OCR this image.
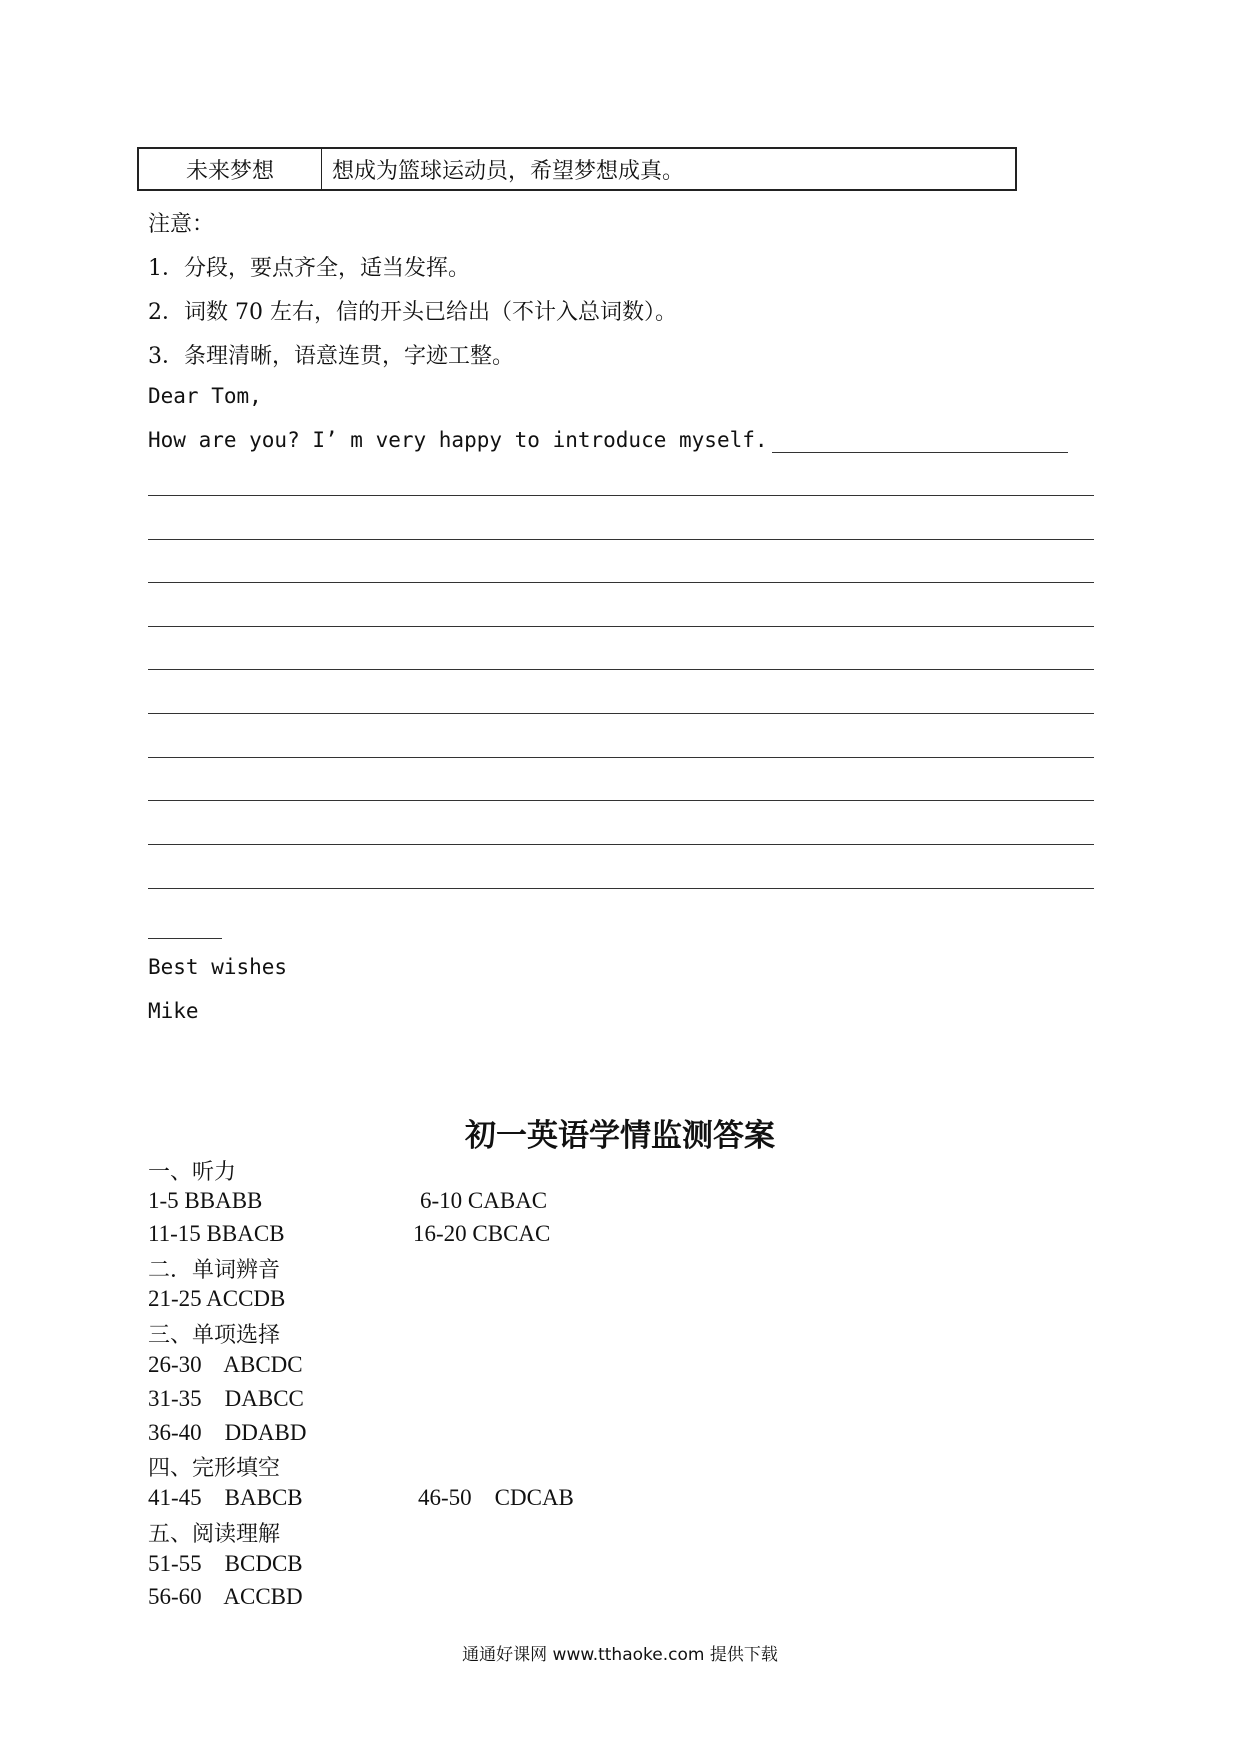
未来梦想	想成为篮球运动员，希望梦想成真。
注意：
1．分段，要点齐全，适当发挥。
2．词数 70 左右，信的开头已给出（不计入总词数）。
3．条理清晰，语意连贯，字迹工整。
Dear Tom,
How are you? I’ m very happy to introduce myself.
Best wishes
Mike
初一英语学情监测答案
一、听力
1-5 BBABB	6-10 CABAC
11-15 BBACB	16-20 CBCAC
二．单词辨音
21-25 ACCDB
三、单项选择
26-30    ABCDC
31-35    DABCC
36-40    DDABD
四、完形填空
41-45    BABCB	46-50    CDCAB
五、阅读理解
51-55    BCDCB
56-60    ACCBD
通通好课网 www.tthaoke.com 提供下载
